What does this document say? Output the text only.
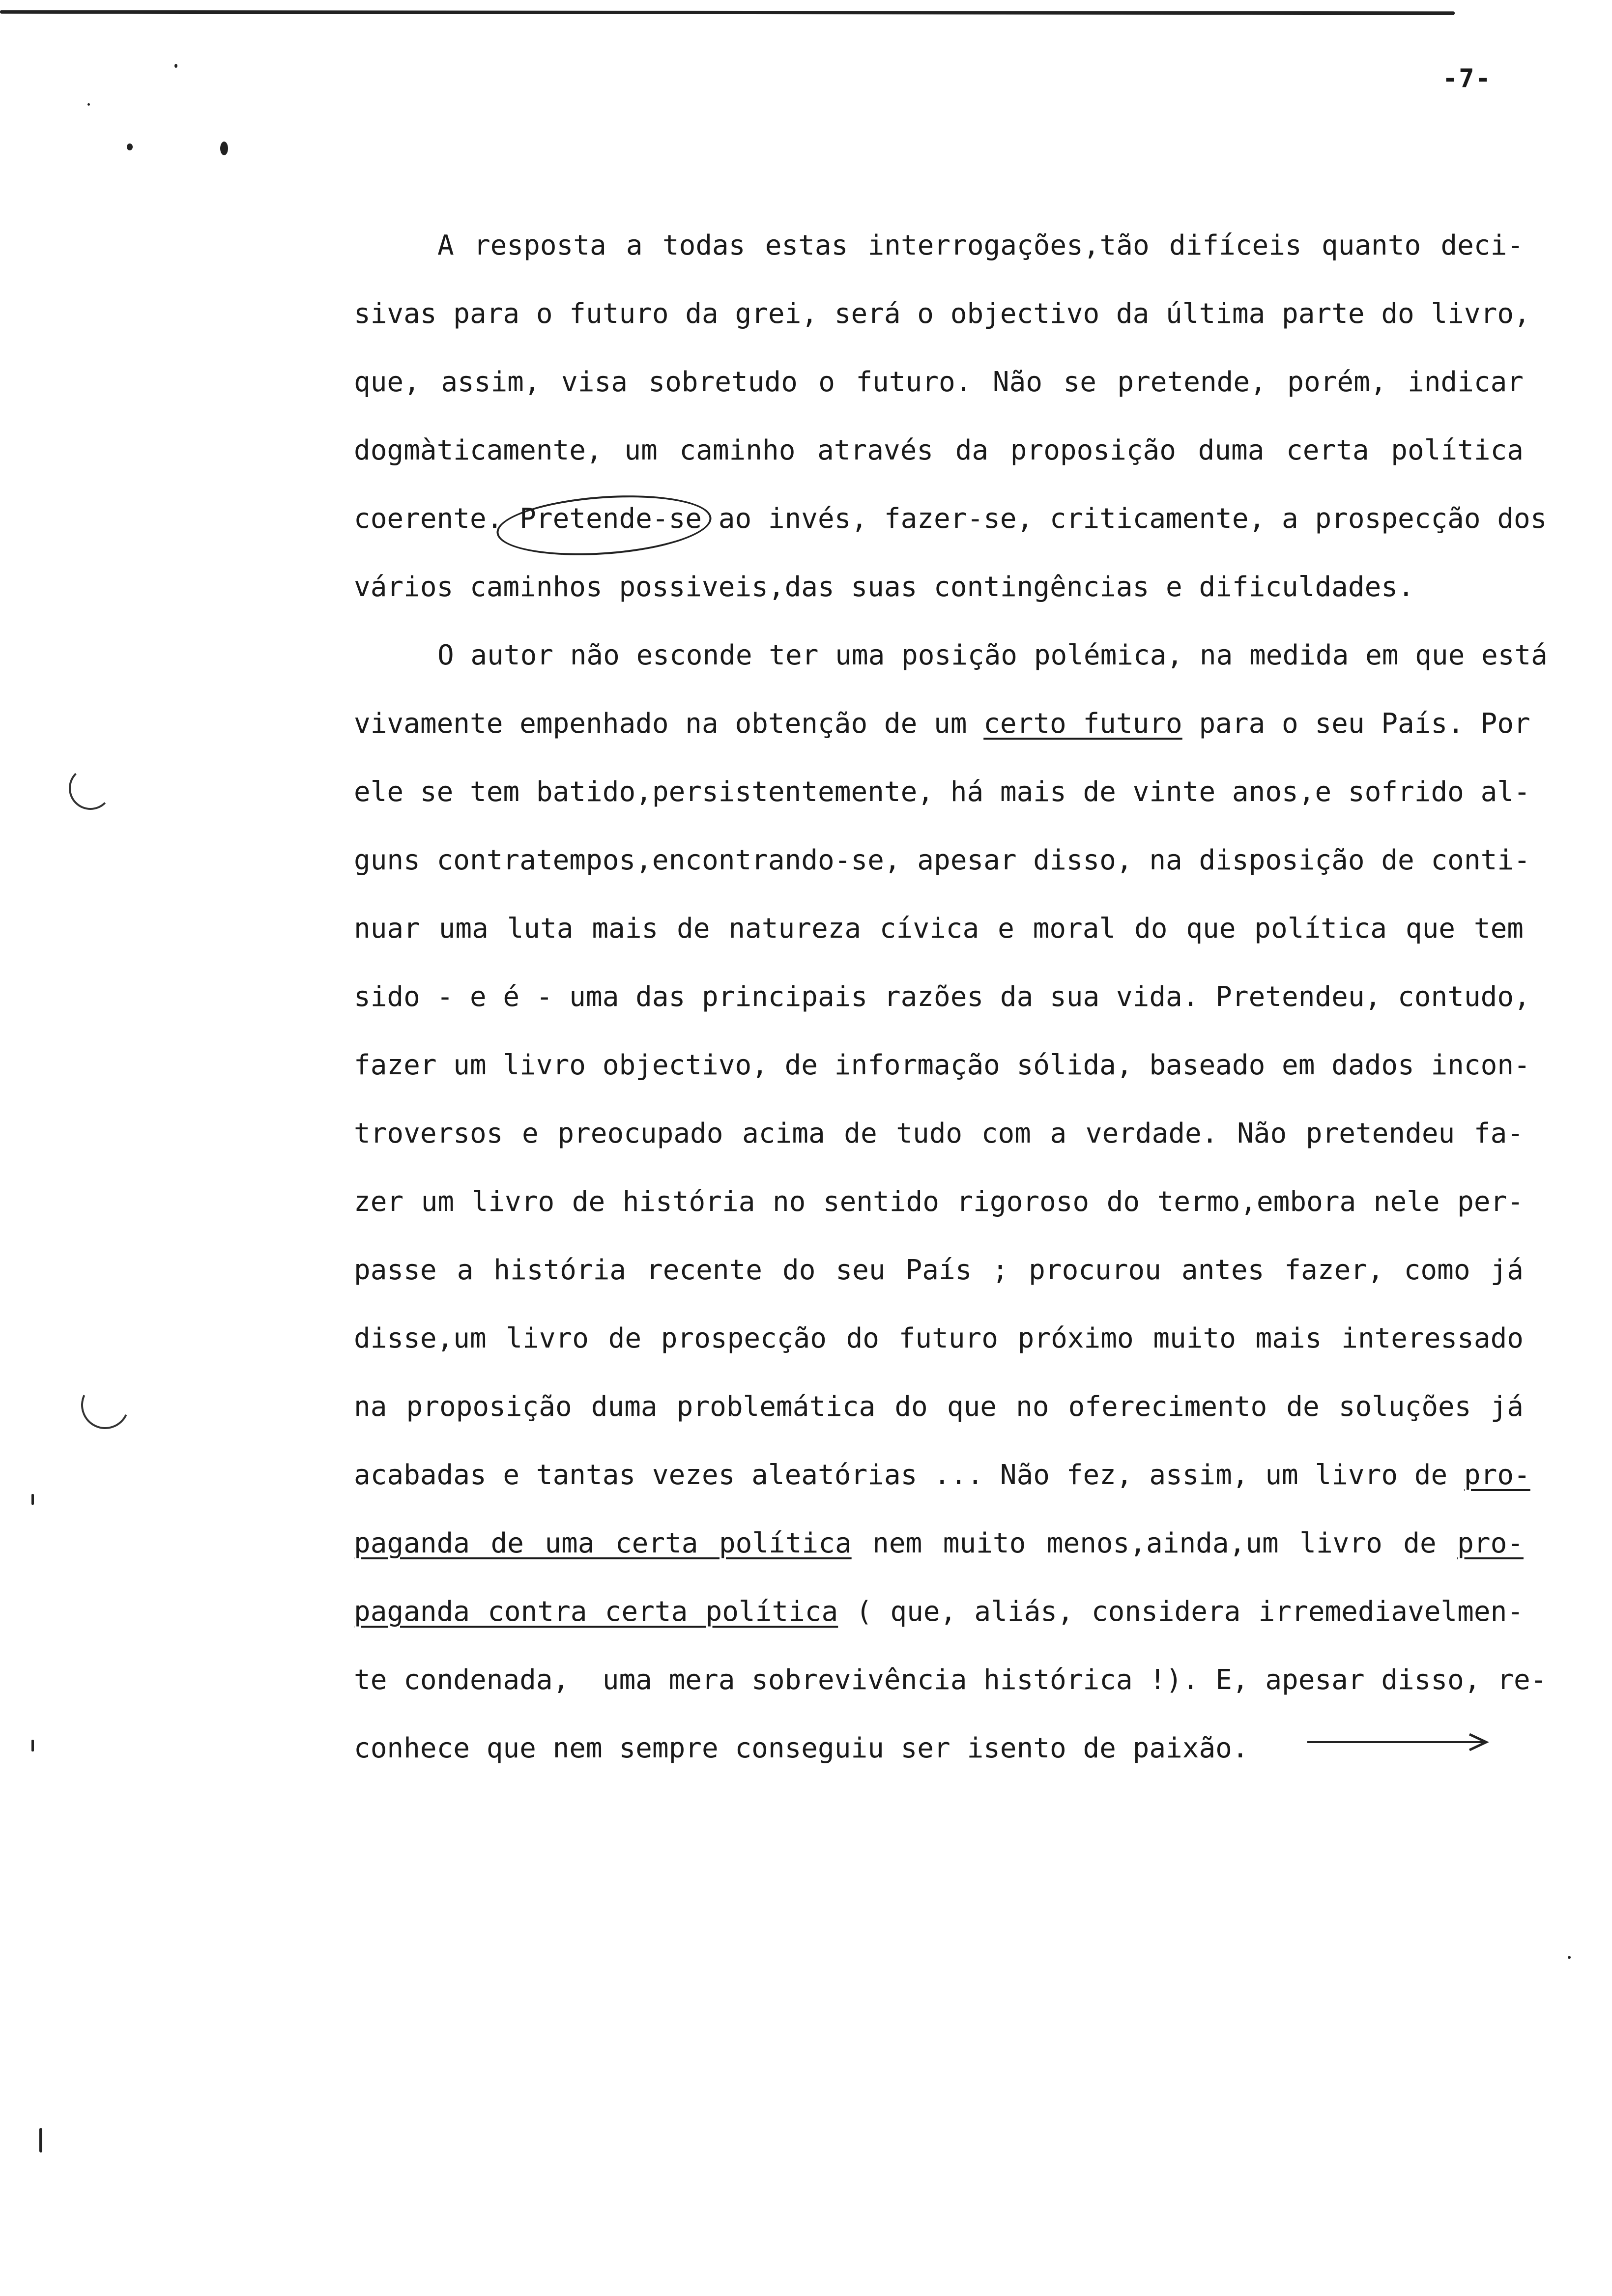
-7-
A resposta a todas estas interrogações,tão difíceis quanto deci-
sivas para o futuro da grei, será o objectivo da última parte do livro,
que, assim, visa sobretudo o futuro. Não se pretende, porém, indicar
dogmàticamente, um caminho através da proposição duma certa política
coerente. Pretende-se ao invés, fazer-se, criticamente, a prospecção dos
vários caminhos possiveis,das suas contingências e dificuldades.
O autor não esconde ter uma posição polémica, na medida em que está
vivamente empenhado na obtenção de um certo futuro para o seu País. Por
ele se tem batido,persistentemente, há mais de vinte anos,e sofrido al-
guns contratempos,encontrando-se, apesar disso, na disposição de conti-
nuar uma luta mais de natureza cívica e moral do que política que tem
sido - e é - uma das principais razões da sua vida. Pretendeu, contudo,
fazer um livro objectivo, de informação sólida, baseado em dados incon-
troversos e preocupado acima de tudo com a verdade. Não pretendeu fa-
zer um livro de história no sentido rigoroso do termo,embora nele per-
passe a história recente do seu País ; procurou antes fazer, como já
disse,um livro de prospecção do futuro próximo muito mais interessado
na proposição duma problemática do que no oferecimento de soluções já
acabadas e tantas vezes aleatórias ... Não fez, assim, um livro de pro-
paganda de uma certa política nem muito menos,ainda,um livro de pro-
paganda contra certa política ( que, aliás, considera irremediavelmen-
te condenada,  uma mera sobrevivência histórica !). E, apesar disso, re-
conhece que nem sempre conseguiu ser isento de paixão.
